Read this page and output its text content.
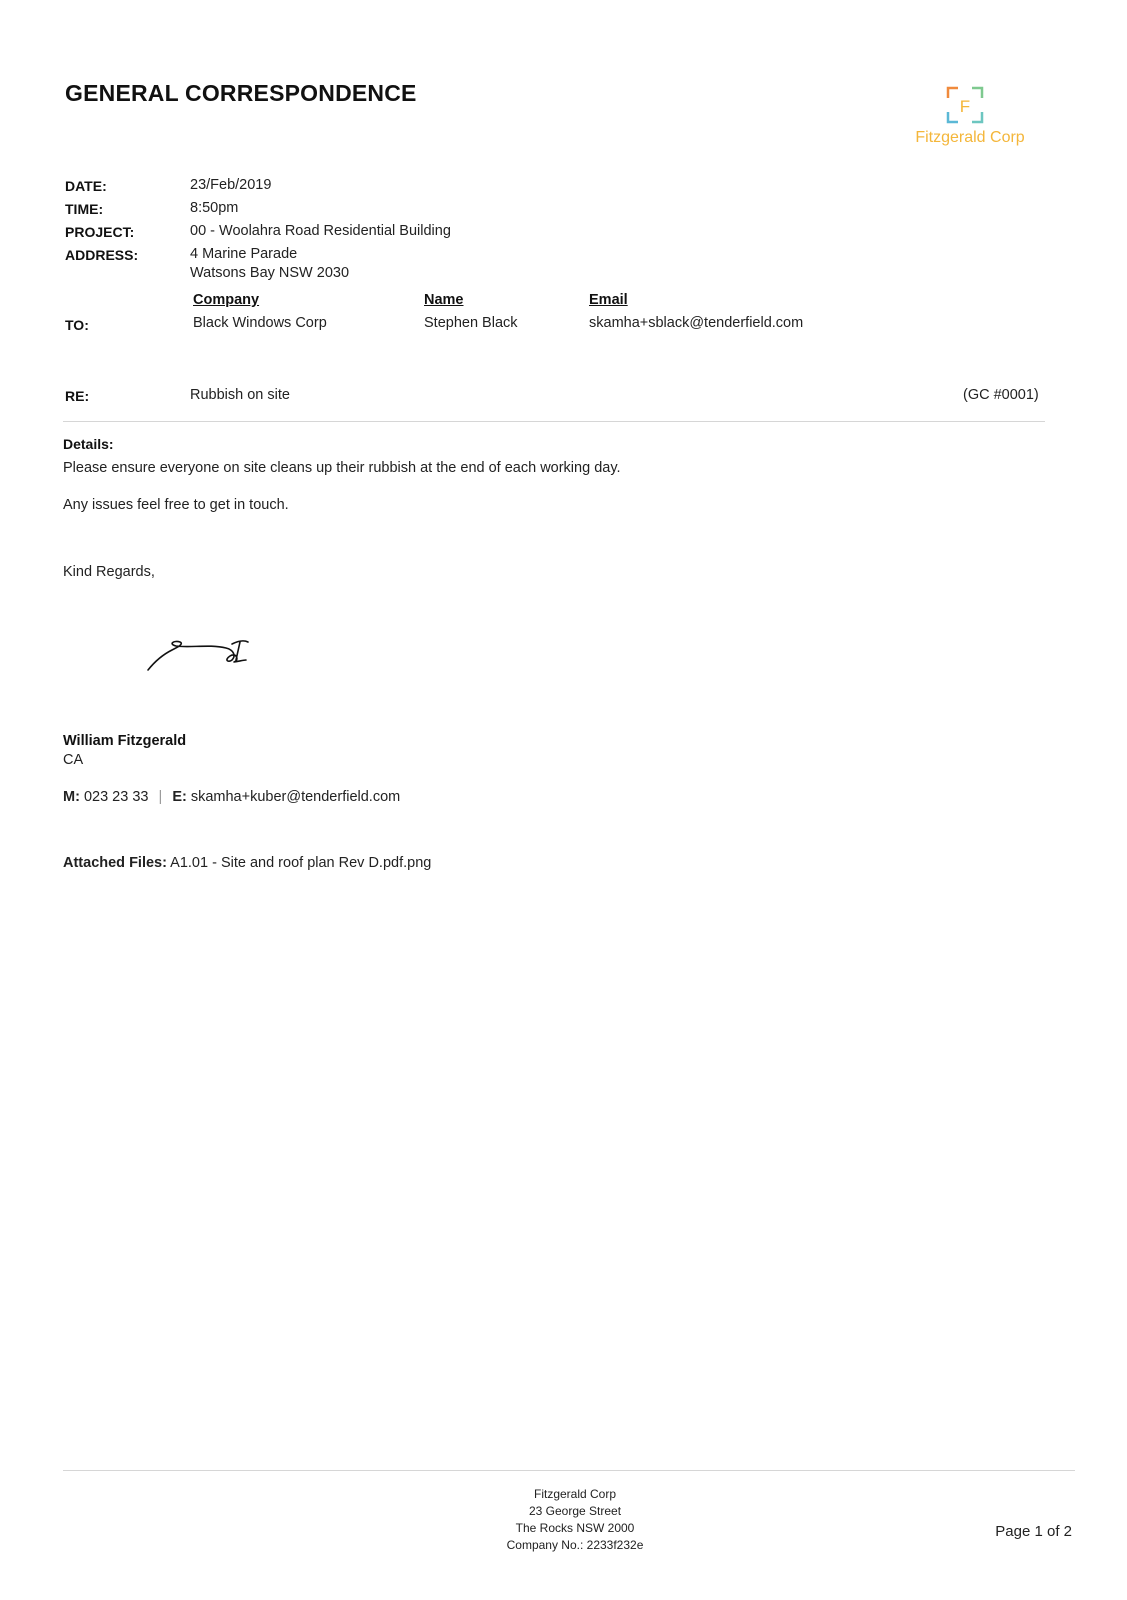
GENERAL CORRESPONDENCE
F
Fitzgerald Corp
DATE:	23/Feb/2019
TIME:	8:50pm
PROJECT:	00 - Woolahra Road Residential Building
ADDRESS:	4 Marine Parade
Watsons Bay NSW 2030
Company	Name	Email
TO:	Black Windows Corp	Stephen Black	skamha+sblack@tenderfield.com
RE:	Rubbish on site	(GC #0001)
Details:
Please ensure everyone on site cleans up their rubbish at the end of each working day.
Any issues feel free to get in touch.
Kind Regards,
William Fitzgerald
CA
M: 023 23 33 | E: skamha+kuber@tenderfield.com
Attached Files: A1.01 - Site and roof plan Rev D.pdf.png
Fitzgerald Corp
23 George Street
The Rocks NSW 2000
Company No.: 2233f232e
Page 1 of 2
